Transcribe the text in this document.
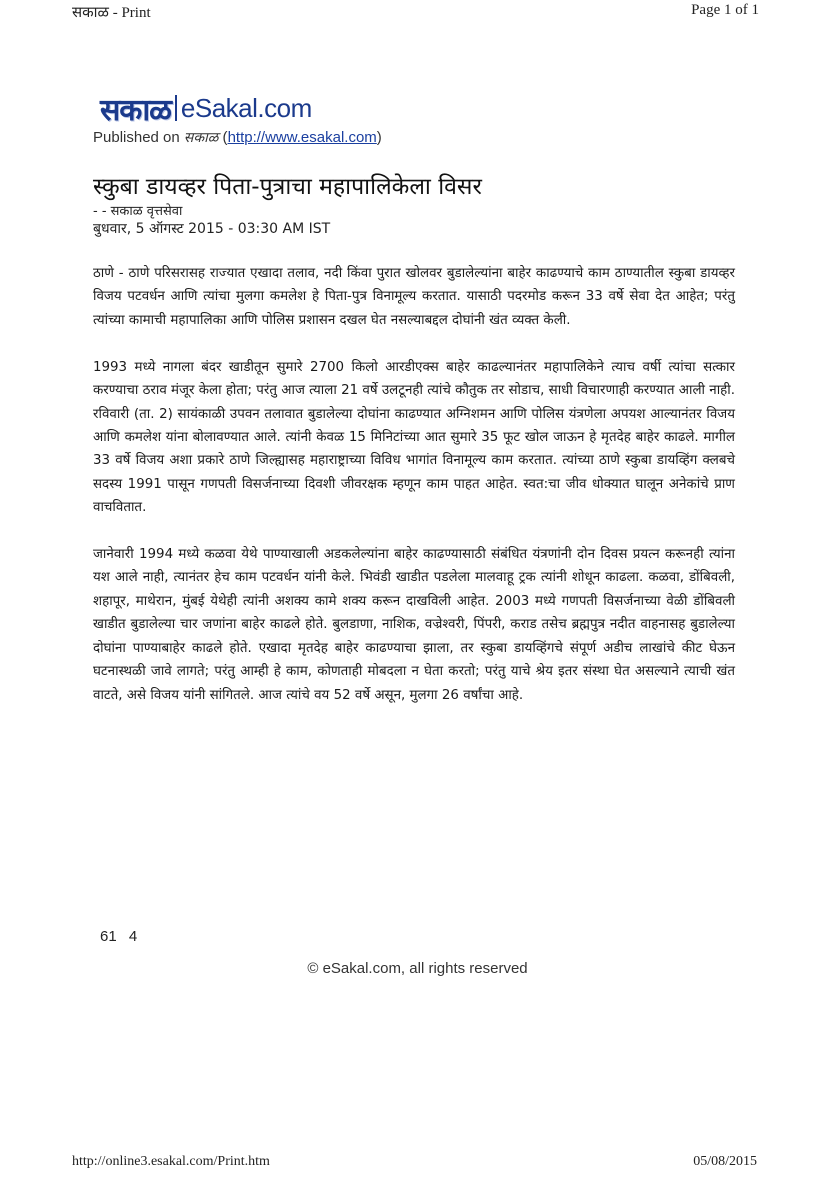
सकाळ - Print	Page 1 of 1
सकाळ eSakal.com
Published on सकाळ (http://www.esakal.com)
स्कुबा डायव्हर पिता-पुत्राचा महापालिकेला विसर
- - सकाळ वृत्तसेवा
बुधवार, 5 ऑगस्ट 2015 - 03:30 AM IST

ठाणे - ठाणे परिसरासह राज्यात एखादा तलाव, नदी किंवा पुरात खोलवर बुडालेल्यांना बाहेर काढण्याचे काम ठाण्यातील स्कुबा डायव्हर विजय पटवर्धन आणि त्यांचा मुलगा कमलेश हे पिता-पुत्र विनामूल्य करतात. यासाठी पदरमोड करून 33 वर्षे सेवा देत आहेत; परंतु त्यांच्या कामाची महापालिका आणि पोलिस प्रशासन दखल घेत नसल्याबद्दल दोघांनी खंत व्यक्त केली.

1993 मध्ये नागला बंदर खाडीतून सुमारे 2700 किलो आरडीएक्स बाहेर काढल्यानंतर महापालिकेने त्याच वर्षी त्यांचा सत्कार करण्याचा ठराव मंजूर केला होता; परंतु आज त्याला 21 वर्षे उलटूनही त्यांचे कौतुक तर सोडाच, साधी विचारणाही करण्यात आली नाही. रविवारी (ता. 2) सायंकाळी उपवन तलावात बुडालेल्या दोघांना काढण्यात अग्निशमन आणि पोलिस यंत्रणेला अपयश आल्यानंतर विजय आणि कमलेश यांना बोलावण्यात आले. त्यांनी केवळ 15 मिनिटांच्या आत सुमारे 35 फूट खोल जाऊन हे मृतदेह बाहेर काढले. मागील 33 वर्षे विजय अशा प्रकारे ठाणे जिल्ह्यासह महाराष्ट्राच्या विविध भागांत विनामूल्य काम करतात. त्यांच्या ठाणे स्कुबा डायव्हिंग क्लबचे सदस्य 1991 पासून गणपती विसर्जनाच्या दिवशी जीवरक्षक म्हणून काम पाहत आहेत. स्वत:चा जीव धोक्यात घालून अनेकांचे प्राण वाचवितात.

जानेवारी 1994 मध्ये कळवा येथे पाण्याखाली अडकलेल्यांना बाहेर काढण्यासाठी संबंधित यंत्रणांनी दोन दिवस प्रयत्न करूनही त्यांना यश आले नाही, त्यानंतर हेच काम पटवर्धन यांनी केले. भिवंडी खाडीत पडलेला मालवाहू ट्रक त्यांनी शोधून काढला. कळवा, डोंबिवली, शहापूर, माथेरान, मुंबई येथेही त्यांनी अशक्य कामे शक्य करून दाखविली आहेत. 2003 मध्ये गणपती विसर्जनाच्या वेळी डोंबिवली खाडीत बुडालेल्या चार जणांना बाहेर काढले होते. बुलडाणा, नाशिक, वज्रेश्वरी, पिंपरी, कराड तसेच ब्रह्मपुत्र नदीत वाहनासह बुडालेल्या दोघांना पाण्याबाहेर काढले होते. एखादा मृतदेह बाहेर काढण्याचा झाला, तर स्कुबा डायव्हिंगचे संपूर्ण अडीच लाखांचे कीट घेऊन घटनास्थळी जावे लागते; परंतु आम्ही हे काम, कोणताही मोबदला न घेता करतो; परंतु याचे श्रेय इतर संस्था घेत असल्याने त्याची खंत वाटते, असे विजय यांनी सांगितले. आज त्यांचे वय 52 वर्षे असून, मुलगा 26 वर्षांचा आहे.

61 4
© eSakal.com, all rights reserved
http://online3.esakal.com/Print.htm	05/08/2015
